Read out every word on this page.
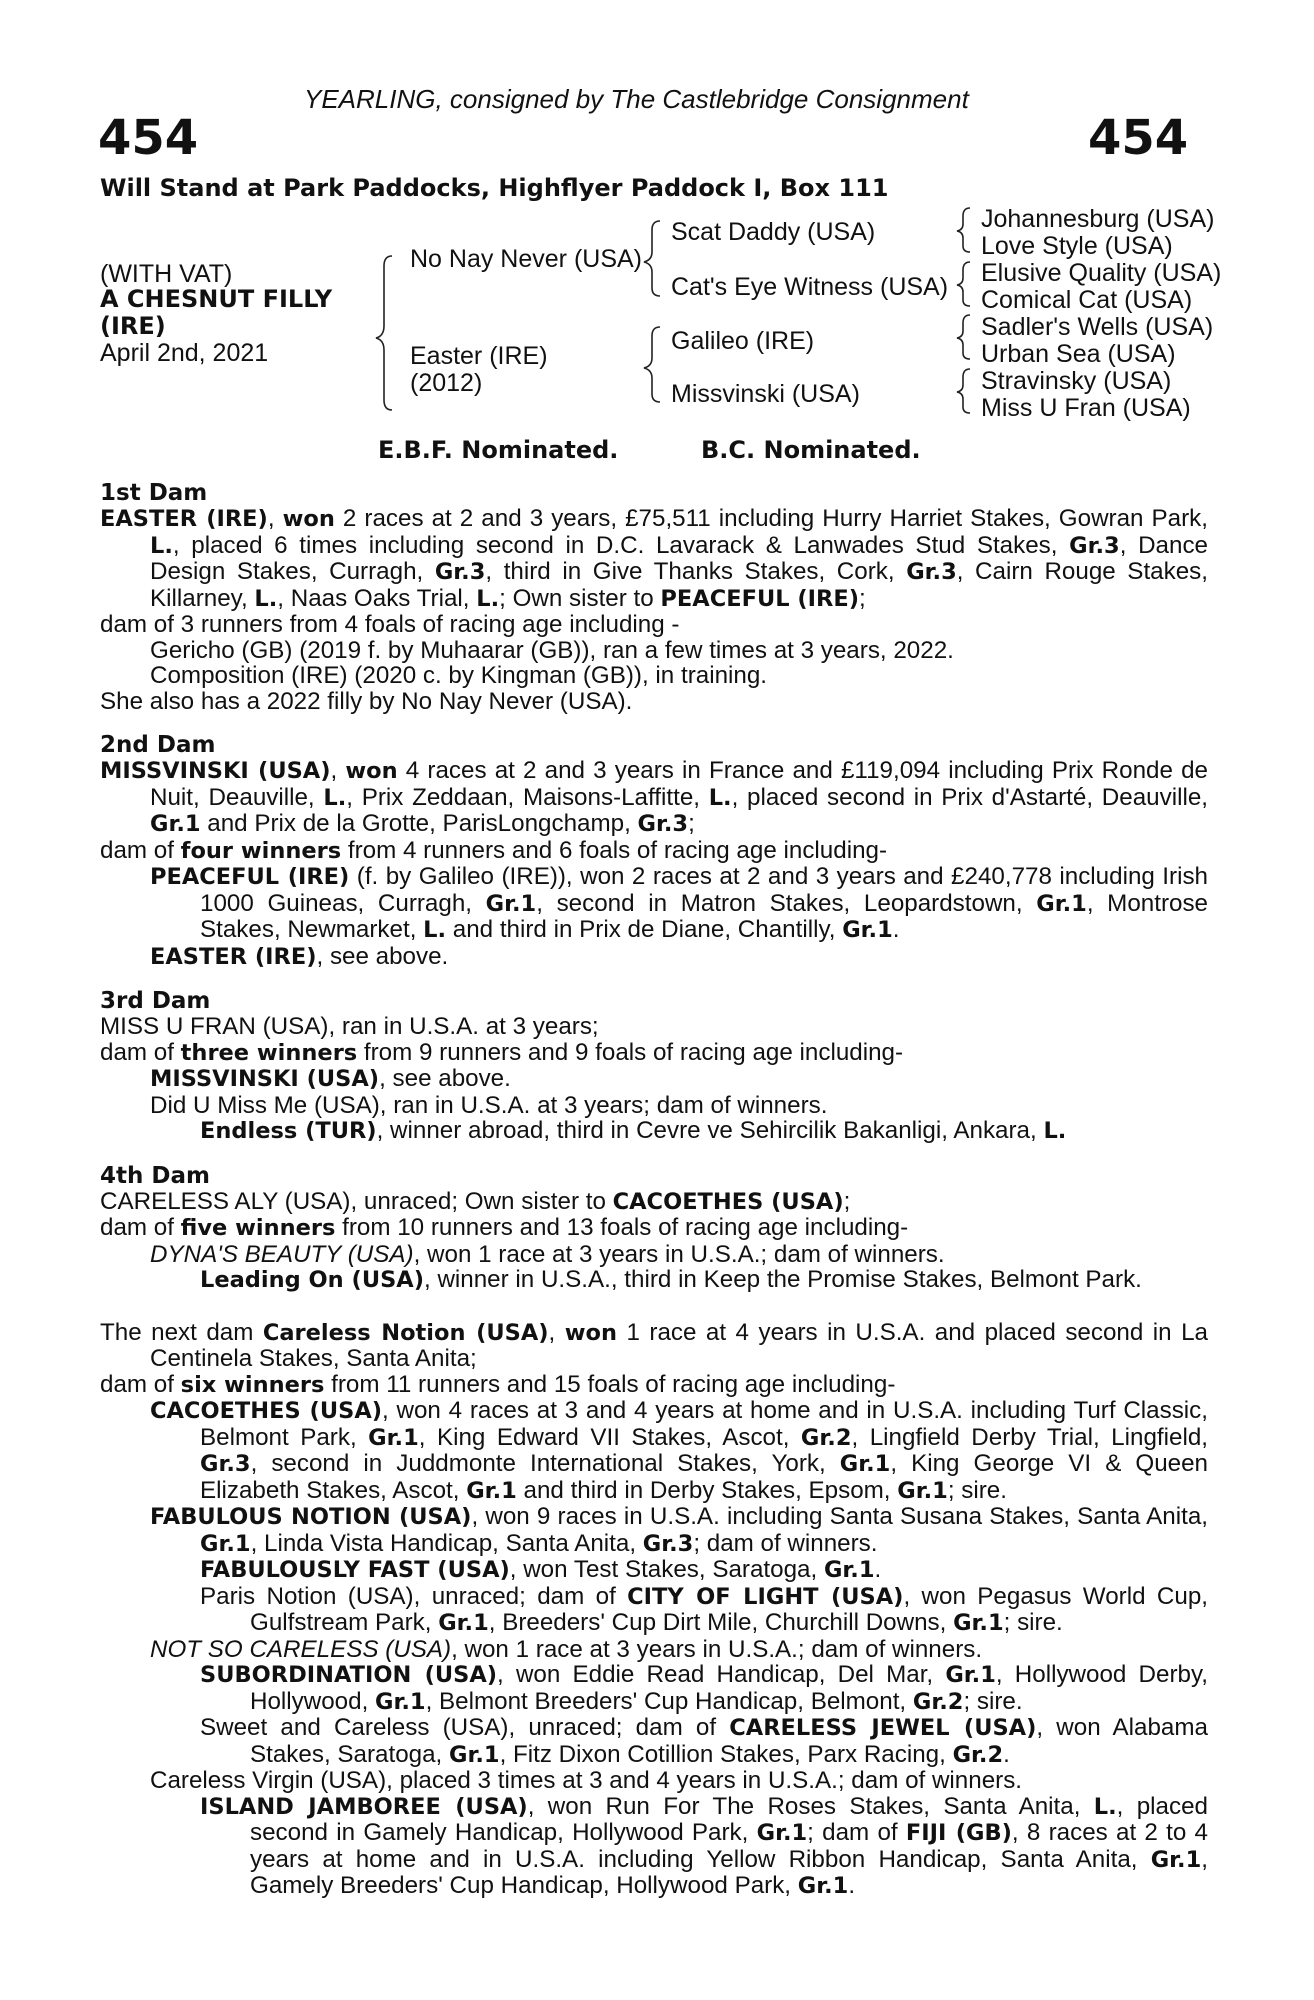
YEARLING, consigned by The Castlebridge Consignment
454	454
Will Stand at Park Paddocks, Highflyer Paddock I, Box 111
(WITH VAT)
A CHESNUT FILLY
(IRE)
April 2nd, 2021
No Nay Never (USA)
Easter (IRE)
(2012)
Scat Daddy (USA)
Cat's Eye Witness (USA)
Galileo (IRE)
Missvinski (USA)
Johannesburg (USA)
Love Style (USA)
Elusive Quality (USA)
Comical Cat (USA)
Sadler's Wells (USA)
Urban Sea (USA)
Stravinsky (USA)
Miss U Fran (USA)
E.B.F. Nominated.	B.C. Nominated.
1st Dam
EASTER (IRE), won 2 races at 2 and 3 years, £75,511 including Hurry Harriet Stakes, Gowran Park, L., placed 6 times including second in D.C. Lavarack & Lanwades Stud Stakes, Gr.3, Dance Design Stakes, Curragh, Gr.3, third in Give Thanks Stakes, Cork, Gr.3, Cairn Rouge Stakes, Killarney, L., Naas Oaks Trial, L.; Own sister to PEACEFUL (IRE);
dam of 3 runners from 4 foals of racing age including -
Gericho (GB) (2019 f. by Muhaarar (GB)), ran a few times at 3 years, 2022.
Composition (IRE) (2020 c. by Kingman (GB)), in training.
She also has a 2022 filly by No Nay Never (USA).
2nd Dam
MISSVINSKI (USA), won 4 races at 2 and 3 years in France and £119,094 including Prix Ronde de Nuit, Deauville, L., Prix Zeddaan, Maisons-Laffitte, L., placed second in Prix d'Astarté, Deauville, Gr.1 and Prix de la Grotte, ParisLongchamp, Gr.3;
dam of four winners from 4 runners and 6 foals of racing age including-
PEACEFUL (IRE) (f. by Galileo (IRE)), won 2 races at 2 and 3 years and £240,778 including Irish 1000 Guineas, Curragh, Gr.1, second in Matron Stakes, Leopardstown, Gr.1, Montrose Stakes, Newmarket, L. and third in Prix de Diane, Chantilly, Gr.1.
EASTER (IRE), see above.
3rd Dam
MISS U FRAN (USA), ran in U.S.A. at 3 years;
dam of three winners from 9 runners and 9 foals of racing age including-
MISSVINSKI (USA), see above.
Did U Miss Me (USA), ran in U.S.A. at 3 years; dam of winners.
Endless (TUR), winner abroad, third in Cevre ve Sehircilik Bakanligi, Ankara, L.
4th Dam
CARELESS ALY (USA), unraced; Own sister to CACOETHES (USA);
dam of five winners from 10 runners and 13 foals of racing age including-
DYNA'S BEAUTY (USA), won 1 race at 3 years in U.S.A.; dam of winners.
Leading On (USA), winner in U.S.A., third in Keep the Promise Stakes, Belmont Park.
The next dam Careless Notion (USA), won 1 race at 4 years in U.S.A. and placed second in La Centinela Stakes, Santa Anita;
dam of six winners from 11 runners and 15 foals of racing age including-
CACOETHES (USA), won 4 races at 3 and 4 years at home and in U.S.A. including Turf Classic, Belmont Park, Gr.1, King Edward VII Stakes, Ascot, Gr.2, Lingfield Derby Trial, Lingfield, Gr.3, second in Juddmonte International Stakes, York, Gr.1, King George VI & Queen Elizabeth Stakes, Ascot, Gr.1 and third in Derby Stakes, Epsom, Gr.1; sire.
FABULOUS NOTION (USA), won 9 races in U.S.A. including Santa Susana Stakes, Santa Anita, Gr.1, Linda Vista Handicap, Santa Anita, Gr.3; dam of winners.
FABULOUSLY FAST (USA), won Test Stakes, Saratoga, Gr.1.
Paris Notion (USA), unraced; dam of CITY OF LIGHT (USA), won Pegasus World Cup, Gulfstream Park, Gr.1, Breeders' Cup Dirt Mile, Churchill Downs, Gr.1; sire.
NOT SO CARELESS (USA), won 1 race at 3 years in U.S.A.; dam of winners.
SUBORDINATION (USA), won Eddie Read Handicap, Del Mar, Gr.1, Hollywood Derby, Hollywood, Gr.1, Belmont Breeders' Cup Handicap, Belmont, Gr.2; sire.
Sweet and Careless (USA), unraced; dam of CARELESS JEWEL (USA), won Alabama Stakes, Saratoga, Gr.1, Fitz Dixon Cotillion Stakes, Parx Racing, Gr.2.
Careless Virgin (USA), placed 3 times at 3 and 4 years in U.S.A.; dam of winners.
ISLAND JAMBOREE (USA), won Run For The Roses Stakes, Santa Anita, L., placed second in Gamely Handicap, Hollywood Park, Gr.1; dam of FIJI (GB), 8 races at 2 to 4 years at home and in U.S.A. including Yellow Ribbon Handicap, Santa Anita, Gr.1, Gamely Breeders' Cup Handicap, Hollywood Park, Gr.1.
